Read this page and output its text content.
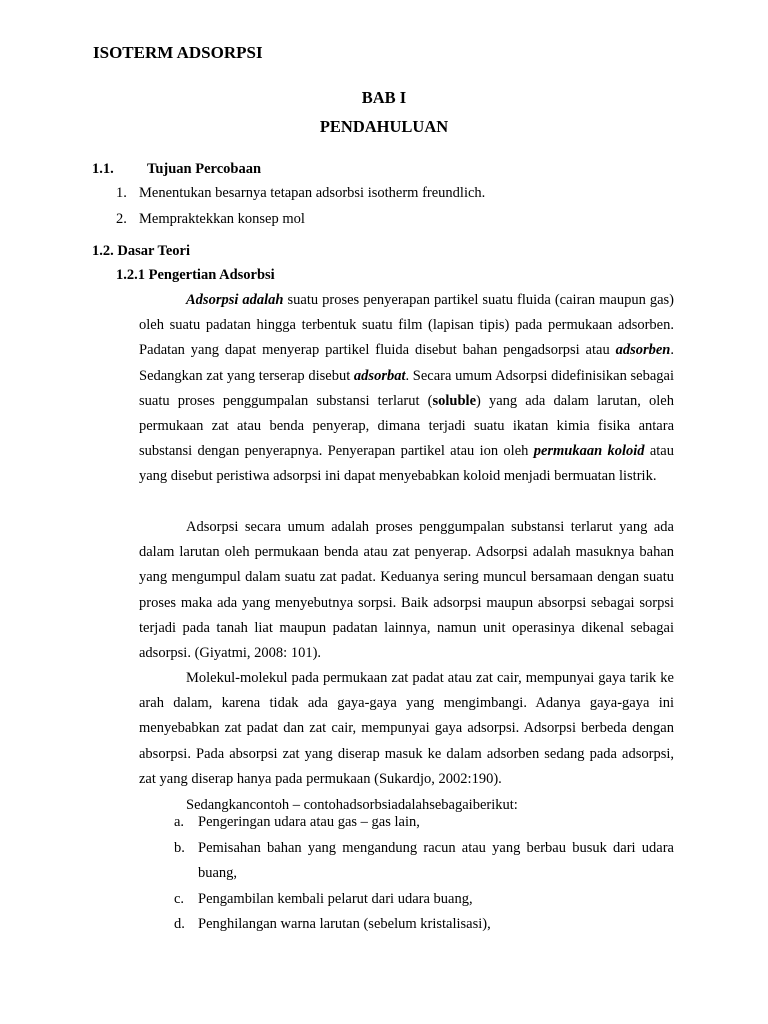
ISOTERM ADSORPSI
BAB I
PENDAHULUAN
1.1. Tujuan Percobaan
1. Menentukan besarnya tetapan adsorbsi isotherm freundlich.
2. Mempraktekkan konsep mol
1.2. Dasar Teori
1.2.1 Pengertian Adsorbsi

Adsorpsi adalah suatu proses penyerapan partikel suatu fluida (cairan maupun gas) oleh suatu padatan hingga terbentuk suatu film (lapisan tipis) pada permukaan adsorben. Padatan yang dapat menyerap partikel fluida disebut bahan pengadsorpsi atau adsorben. Sedangkan zat yang terserap disebut adsorbat. Secara umum Adsorpsi didefinisikan sebagai suatu proses penggumpalan substansi terlarut (soluble) yang ada dalam larutan, oleh permukaan zat atau benda penyerap, dimana terjadi suatu ikatan kimia fisika antara substansi dengan penyerapnya. Penyerapan partikel atau ion oleh permukaan koloid atau yang disebut peristiwa adsorpsi ini dapat menyebabkan koloid menjadi bermuatan listrik.

Adsorpsi secara umum adalah proses penggumpalan substansi terlarut yang ada dalam larutan oleh permukaan benda atau zat penyerap. Adsorpsi adalah masuknya bahan yang mengumpul dalam suatu zat padat. Keduanya sering muncul bersamaan dengan suatu proses maka ada yang menyebutnya sorpsi. Baik adsorpsi maupun absorpsi sebagai sorpsi terjadi pada tanah liat maupun padatan lainnya, namun unit operasinya dikenal sebagai adsorpsi. (Giyatmi, 2008: 101).

Molekul-molekul pada permukaan zat padat atau zat cair, mempunyai gaya tarik ke arah dalam, karena tidak ada gaya-gaya yang mengimbangi. Adanya gaya-gaya ini menyebabkan zat padat dan zat cair, mempunyai gaya adsorpsi. Adsorpsi berbeda dengan absorpsi. Pada absorpsi zat yang diserap masuk ke dalam adsorben sedang pada adsorpsi, zat yang diserap hanya pada permukaan (Sukardjo, 2002:190).

Sedangkancontoh – contohadsorbsiadalahsebagaiberikut:
a. Pengeringan udara atau gas – gas lain,
b. Pemisahan bahan yang mengandung racun atau yang berbau busuk dari udara buang,
c. Pengambilan kembali pelarut dari udara buang,
d. Penghilangan warna larutan (sebelum kristalisasi),
